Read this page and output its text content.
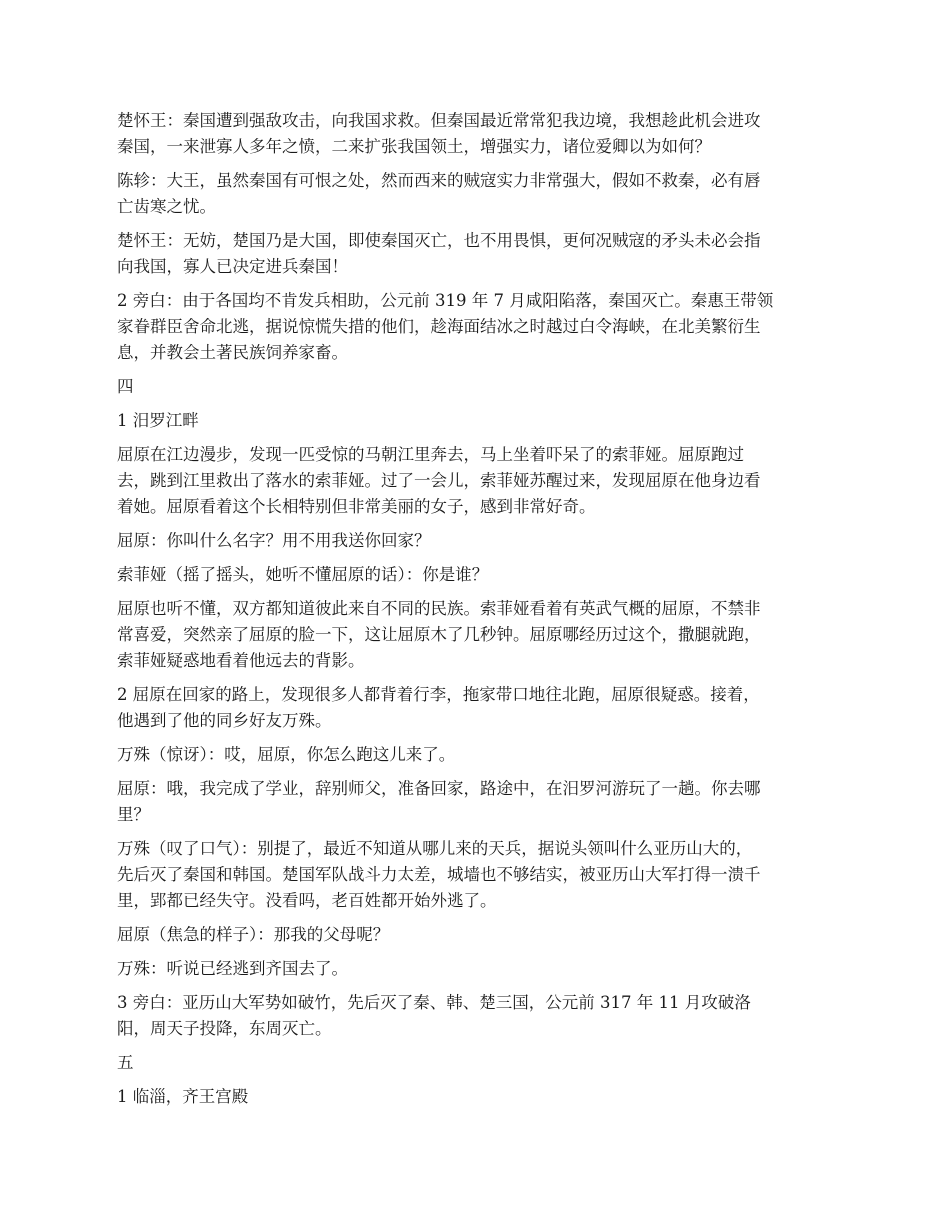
楚怀王：秦国遭到强敌攻击，向我国求救。但秦国最近常常犯我边境，我想趁此机会进攻
秦国，一来泄寡人多年之愤，二来扩张我国领土，增强实力，诸位爱卿以为如何？

陈轸：大王，虽然秦国有可恨之处，然而西来的贼寇实力非常强大，假如不救秦，必有唇
亡齿寒之忧。

楚怀王：无妨，楚国乃是大国，即使秦国灭亡，也不用畏惧，更何况贼寇的矛头未必会指
向我国，寡人已决定进兵秦国！

2 旁白：由于各国均不肯发兵相助，公元前 319 年 7 月咸阳陷落，秦国灭亡。秦惠王带领
家眷群臣舍命北逃，据说惊慌失措的他们，趁海面结冰之时越过白令海峡，在北美繁衍生
息，并教会土著民族饲养家畜。

四

1 汨罗江畔

屈原在江边漫步，发现一匹受惊的马朝江里奔去，马上坐着吓呆了的索菲娅。屈原跑过
去，跳到江里救出了落水的索菲娅。过了一会儿，索菲娅苏醒过来，发现屈原在他身边看
着她。屈原看着这个长相特别但非常美丽的女子，感到非常好奇。

屈原：你叫什么名字？用不用我送你回家？

索菲娅（摇了摇头，她听不懂屈原的话）：你是谁？

屈原也听不懂，双方都知道彼此来自不同的民族。索菲娅看着有英武气概的屈原，不禁非
常喜爱，突然亲了屈原的脸一下，这让屈原木了几秒钟。屈原哪经历过这个，撒腿就跑，
索菲娅疑惑地看着他远去的背影。

2 屈原在回家的路上，发现很多人都背着行李，拖家带口地往北跑，屈原很疑惑。接着，
他遇到了他的同乡好友万殊。

万殊（惊讶）：哎，屈原，你怎么跑这儿来了。

屈原：哦，我完成了学业，辞别师父，准备回家，路途中，在汨罗河游玩了一趟。你去哪
里？

万殊（叹了口气）：别提了，最近不知道从哪儿来的天兵，据说头领叫什么亚历山大的，
先后灭了秦国和韩国。楚国军队战斗力太差，城墙也不够结实，被亚历山大军打得一溃千
里，郢都已经失守。没看吗，老百姓都开始外逃了。

屈原（焦急的样子）：那我的父母呢？

万殊：听说已经逃到齐国去了。

3 旁白：亚历山大军势如破竹，先后灭了秦、韩、楚三国，公元前 317 年 11 月攻破洛
阳，周天子投降，东周灭亡。

五

1 临淄，齐王宫殿
